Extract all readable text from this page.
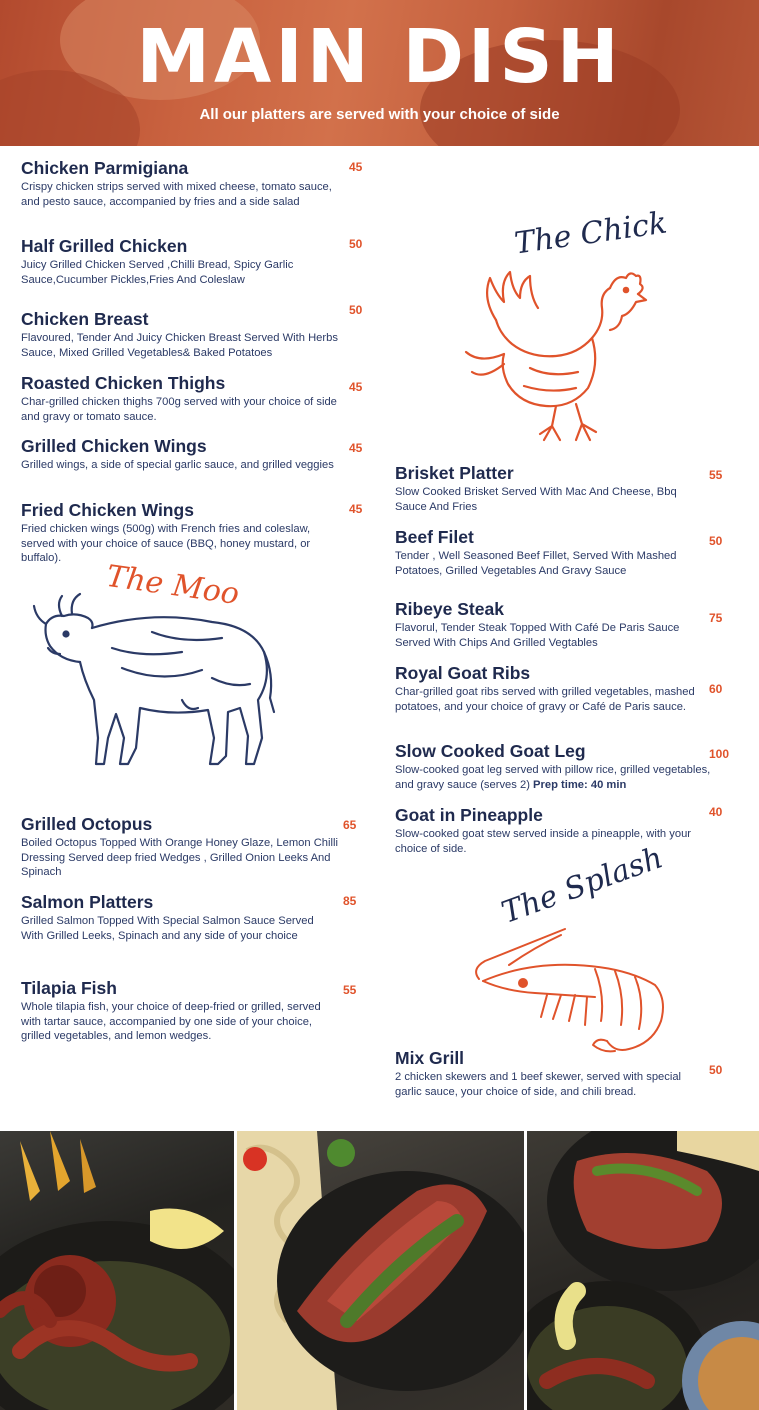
MAIN DISH
All our platters are served with your choice of side
Chicken Parmigiana
Crispy chicken strips served with mixed cheese, tomato sauce, and pesto sauce, accompanied by fries and a side salad
45
Half Grilled Chicken
Juicy Grilled Chicken Served ,Chilli Bread, Spicy Garlic Sauce,Cucumber Pickles,Fries And Coleslaw
50
Chicken Breast
Flavoured, Tender And Juicy Chicken Breast Served With Herbs Sauce, Mixed Grilled Vegetables& Baked Potatoes
50
Roasted Chicken Thighs
Char-grilled chicken thighs 700g served with your choice of side and gravy or tomato sauce.
45
Grilled Chicken Wings
Grilled wings, a side of special garlic sauce, and grilled veggies
45
Fried Chicken Wings
Fried chicken wings (500g) with French fries and coleslaw, served with your choice of sauce (BBQ, honey mustard, or buffalo).
45
The Moo
Grilled Octopus
Boiled Octopus Topped With Orange Honey Glaze, Lemon Chilli Dressing Served deep fried Wedges , Grilled Onion Leeks And Spinach
65
Salmon Platters
Grilled Salmon Topped With Special Salmon Sauce Served With Grilled Leeks, Spinach and any side of your choice
85
Tilapia Fish
Whole tilapia fish, your choice of deep-fried or grilled, served with tartar sauce, accompanied by one side of your choice, grilled vegetables, and lemon wedges.
55
The Chick
Brisket Platter
Slow Cooked Brisket Served With Mac And Cheese, Bbq Sauce And Fries
55
Beef Filet
Tender , Well Seasoned Beef Fillet, Served With Mashed Potatoes, Grilled Vegetables And Gravy Sauce
50
Ribeye Steak
Flavorul, Tender Steak Topped With Café De Paris Sauce Served With Chips And Grilled Vegtables
75
Royal Goat Ribs
Char-grilled goat ribs served with grilled vegetables, mashed potatoes, and your choice of gravy or Café de Paris sauce.
60
Slow Cooked Goat Leg
Slow-cooked goat leg served with pillow rice, grilled vegetables, and gravy sauce (serves 2) Prep time: 40 min
100
Goat in Pineapple
Slow-cooked goat stew served inside a pineapple, with your choice of side.
40
The Splash
Mix Grill
2 chicken skewers and 1 beef skewer, served with special garlic sauce, your choice of side, and chili bread.
50
